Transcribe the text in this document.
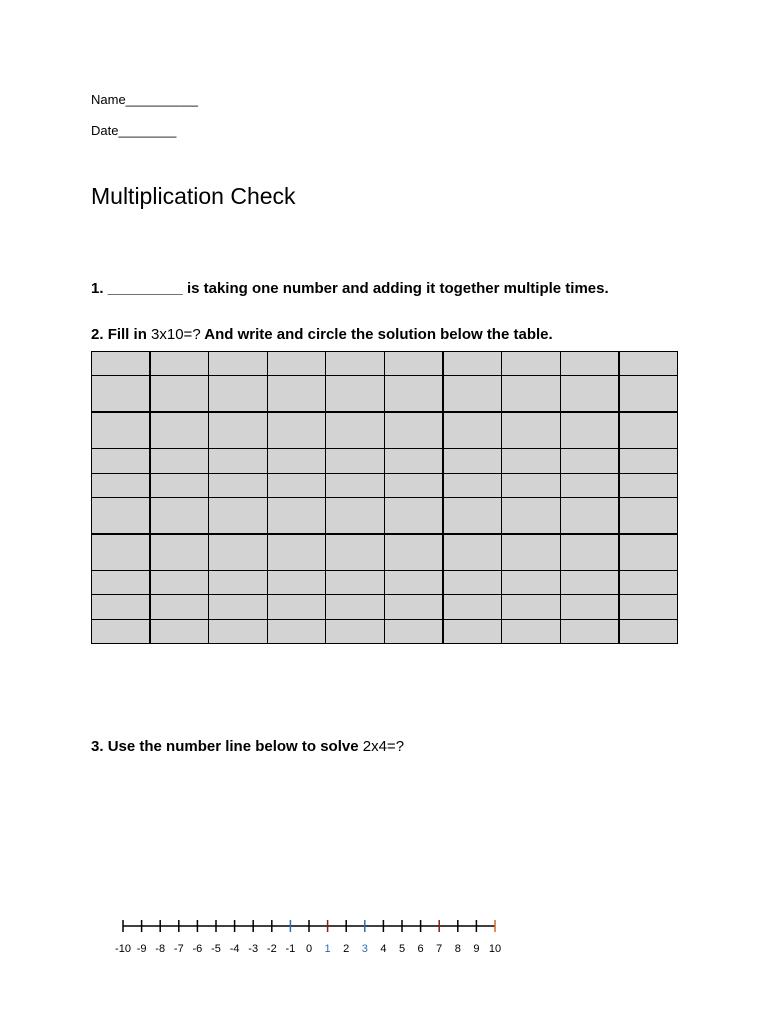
Name__________
Date________
Multiplication Check
1. _________ is taking one number and adding it together multiple times.
2. Fill in 3x10=? And write and circle the solution below the table.

3. Use the number line below to solve 2x4=?
-10 -9 -8 -7 -6 -5 -4 -3 -2 -1 0 1 2 3 4 5 6 7 8 9 10
